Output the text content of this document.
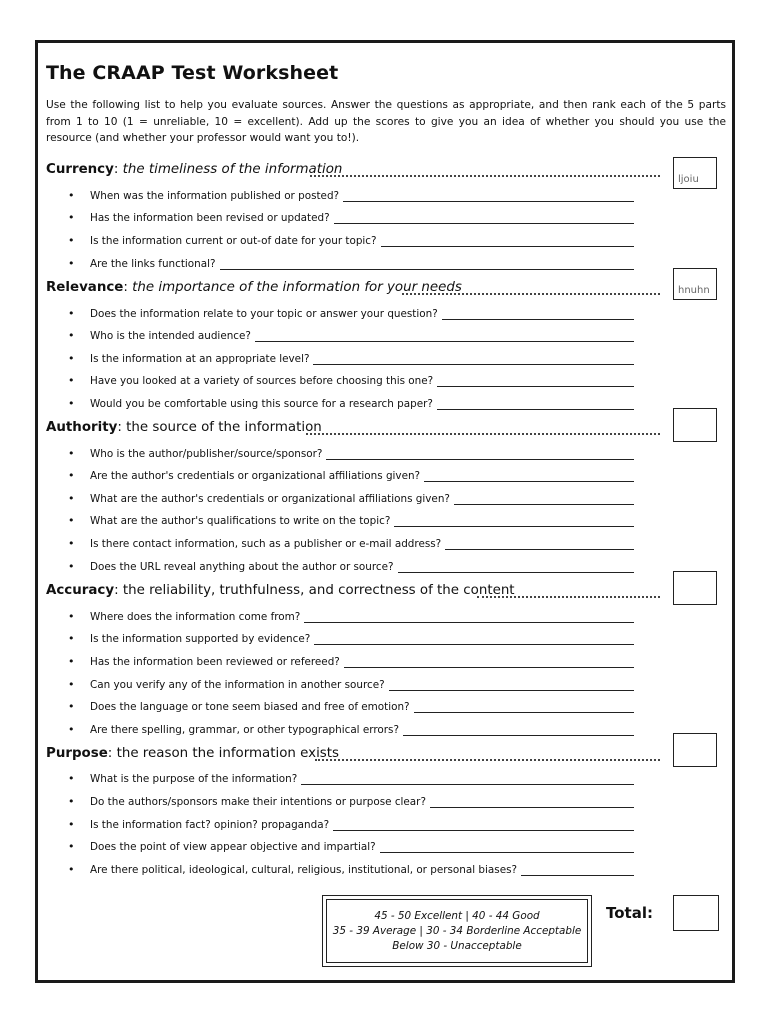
The CRAAP Test Worksheet

Use the following list to help you evaluate sources. Answer the questions as appropriate, and then rank each of the 5 parts from 1 to 10 (1 = unreliable, 10 = excellent). Add up the scores to give you an idea of whether you should you use the resource (and whether your professor would want you to!).

Currency: the timeliness of the information
ljoiu
•	When was the information published or posted?
•	Has the information been revised or updated?
•	Is the information current or out-of date for your topic?
•	Are the links functional?
Relevance: the importance of the information for your needs	hnuhn
•	Does the information relate to your topic or answer your question?
•	Who is the intended audience?
•	Is the information at an appropriate level?
•	Have you looked at a variety of sources before choosing this one?
•	Would you be comfortable using this source for a research paper?
Authority: the source of the information
•	Who is the author/publisher/source/sponsor?
•	Are the author's credentials or organizational affiliations given?
•	What are the author's credentials or organizational affiliations given?
•	What are the author's qualifications to write on the topic?
•	Is there contact information, such as a publisher or e-mail address?
•	Does the URL reveal anything about the author or source?
Accuracy: the reliability, truthfulness, and correctness of the content
•	Where does the information come from?
•	Is the information supported by evidence?
•	Has the information been reviewed or refereed?
•	Can you verify any of the information in another source?
•	Does the language or tone seem biased and free of emotion?
•	Are there spelling, grammar, or other typographical errors?
Purpose: the reason the information exists
•	What is the purpose of the information?
•	Do the authors/sponsors make their intentions or purpose clear?
•	Is the information fact? opinion? propaganda?
•	Does the point of view appear objective and impartial?
•	Are there political, ideological, cultural, religious, institutional, or personal biases?
45 - 50 Excellent | 40 - 44 Good
35 - 39 Average | 30 - 34 Borderline Acceptable
Below 30 - Unacceptable
Total:
